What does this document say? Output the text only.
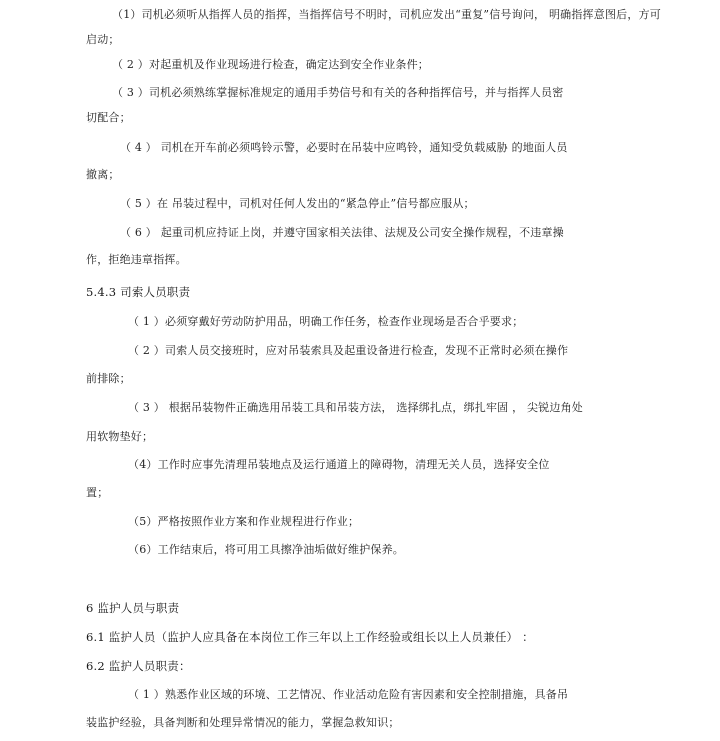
（1）司机必须听从指挥人员的指挥，当指挥信号不明时，司机应发出“重复”信号询问， 明确指挥意图后，方可
启动；
（ 2 ）对起重机及作业现场进行检查，确定达到安全作业条件；
（ 3 ）司机必须熟练掌握标准规定的通用手势信号和有关的各种指挥信号，并与指挥人员密
切配合；
（ 4 ） 司机在开车前必须鸣铃示警，必要时在吊装中应鸣铃，通知受负载威胁 的地面人员
撤离；
（ 5 ）在 吊装过程中，司机对任何人发出的“紧急停止”信号都应服从；
（ 6 ） 起重司机应持证上岗，并遵守国家相关法律、法规及公司安全操作规程，不违章操
作，拒绝违章指挥。
5.4.3 司索人员职责
（ 1 ）必须穿戴好劳动防护用品，明确工作任务，检查作业现场是否合乎要求；
（ 2 ）司索人员交接班时，应对吊装索具及起重设备进行检查，发现不正常时必须在操作
前排除；
（ 3 ） 根据吊装物件正确选用吊装工具和吊装方法， 选择绑扎点，绑扎牢固 ， 尖锐边角处
用软物垫好；
（4）工作时应事先清理吊装地点及运行通道上的障碍物，清理无关人员，选择安全位
置；
（5）严格按照作业方案和作业规程进行作业；
（6）工作结束后，将可用工具擦净油垢做好维护保养。
6 监护人员与职责
6.1 监护人员（监护人应具备在本岗位工作三年以上工作经验或组长以上人员兼任） ：
6.2 监护人员职责：
（ 1 ）熟悉作业区域的环境、工艺情况、作业活动危险有害因素和安全控制措施，具备吊
装监护经验，具备判断和处理异常情况的能力，掌握急救知识；
